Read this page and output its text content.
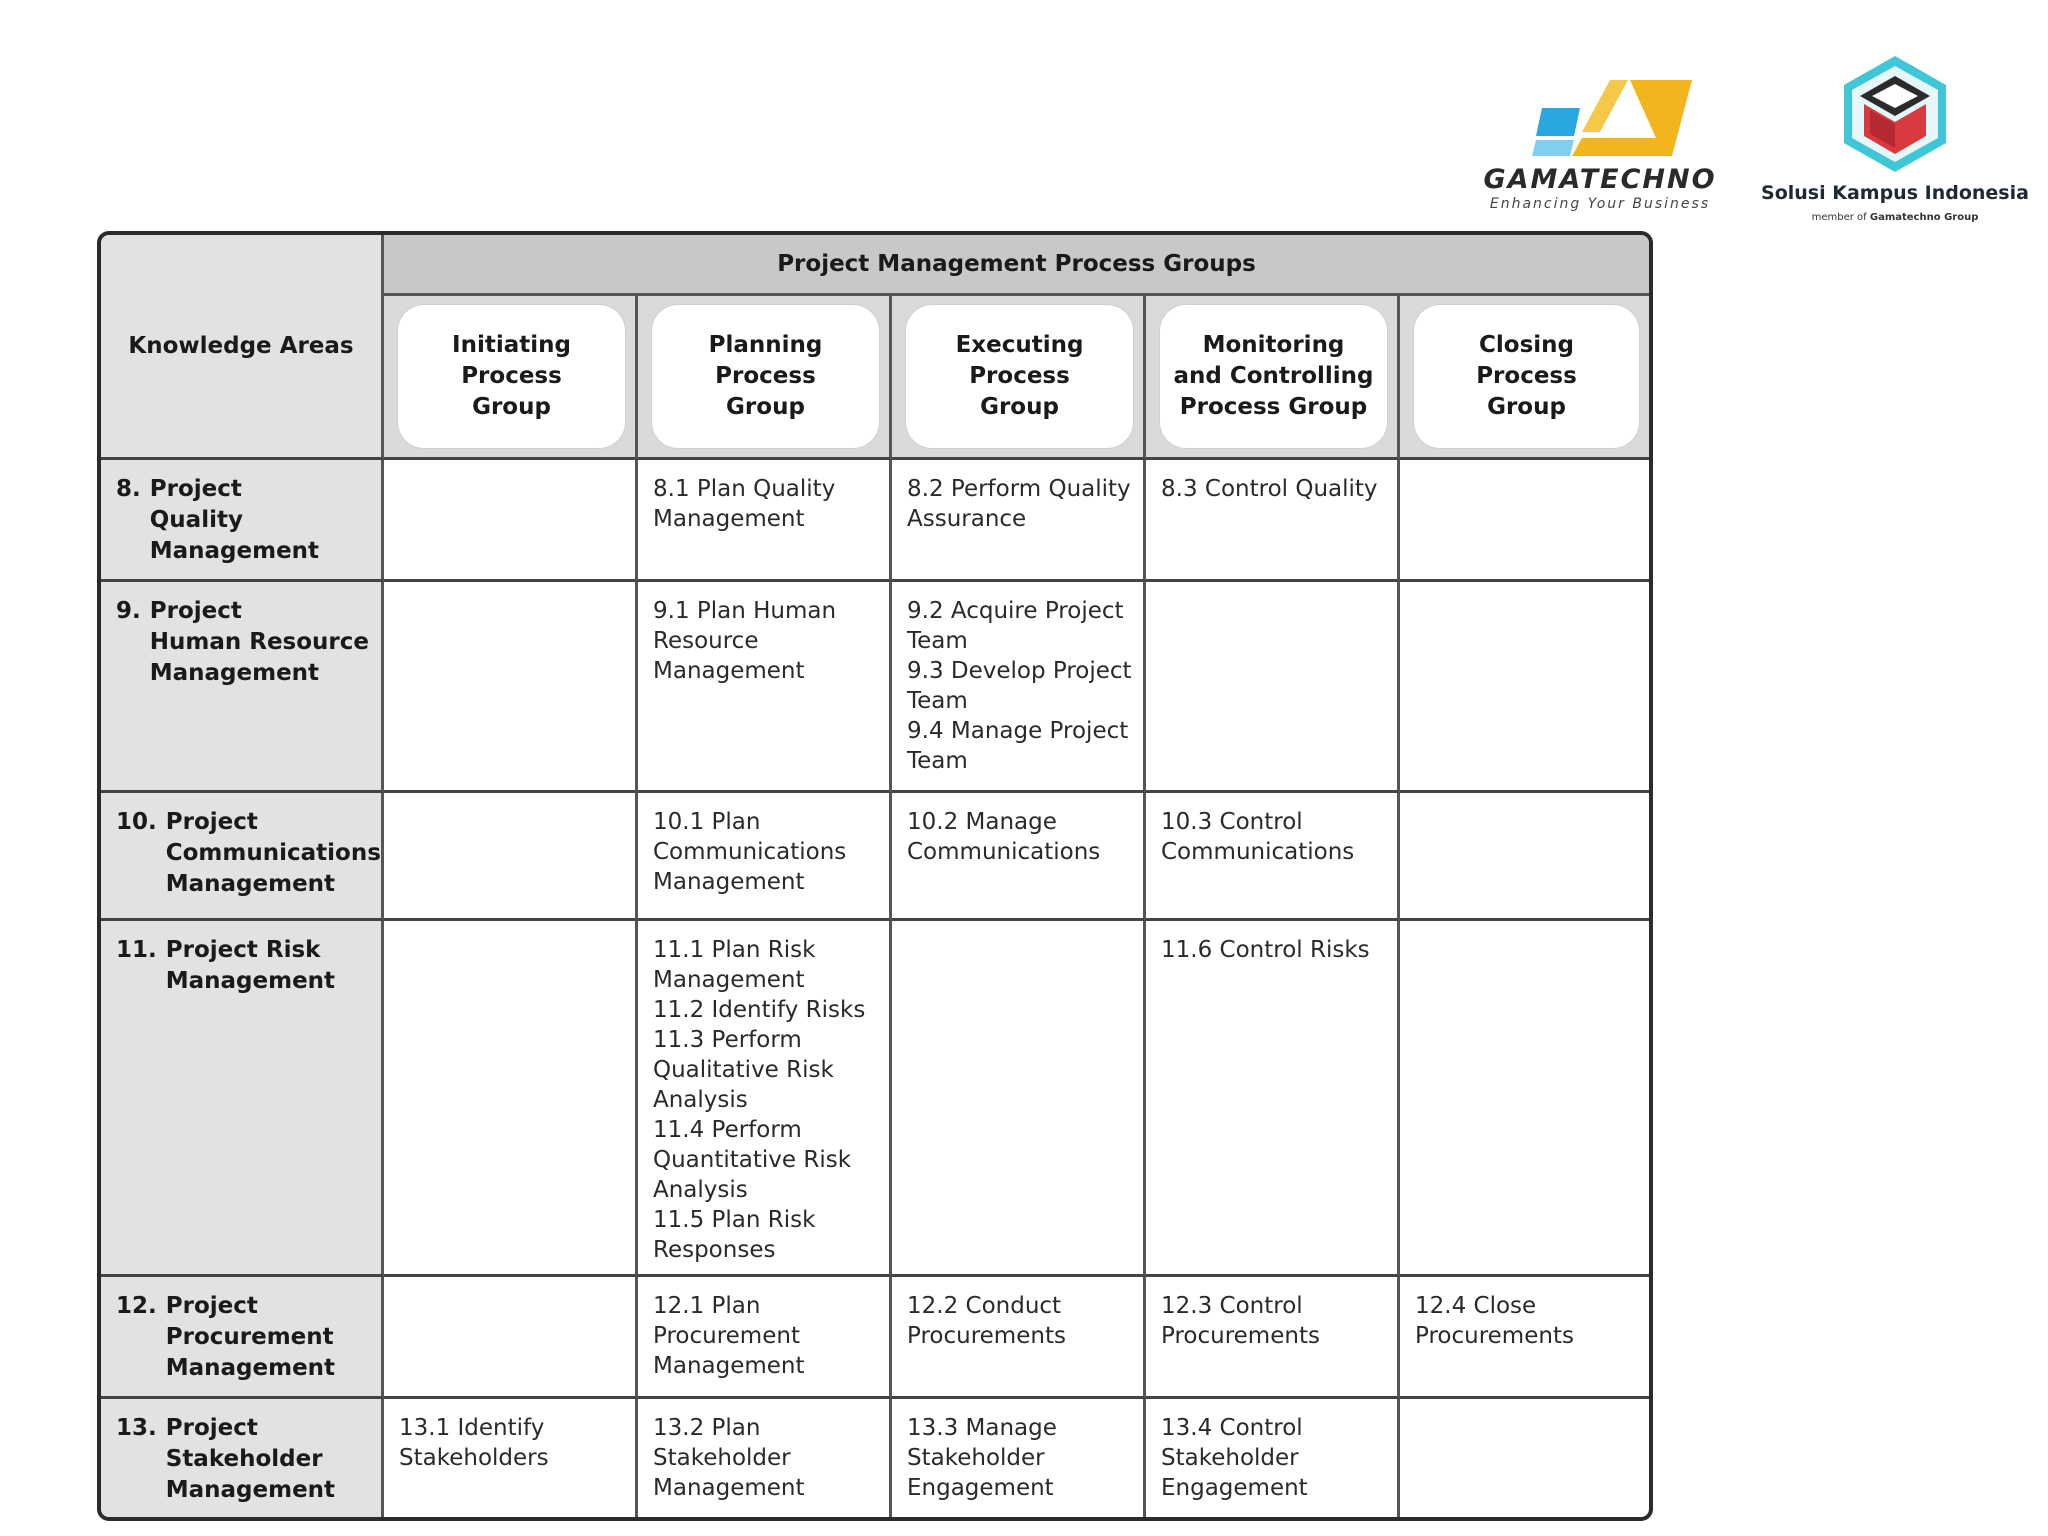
GAMATECHNO
Enhancing Your Business	Solusi Kampus Indonesia
member of Gamatechno Group
Knowledge Areas
Project Management Process Groups
Initiating
Process
Group
Planning
Process
Group
Executing
Process
Group
Monitoring
and Controlling
Process Group
Closing
Process
Group
8. Project
Quality
Management
8.1 Plan Quality
Management
8.2 Perform Quality
Assurance
8.3 Control Quality
9. Project
Human Resource
Management
9.1 Plan Human
Resource
Management
9.2 Acquire Project
Team
9.3 Develop Project
Team
9.4 Manage Project
Team
10. Project
Communications
Management
10.1 Plan
Communications
Management
10.2 Manage
Communications
10.3 Control
Communications
11. Project Risk
Management
11.1 Plan Risk
Management
11.2 Identify Risks
11.3 Perform
Qualitative Risk
Analysis
11.4 Perform
Quantitative Risk
Analysis
11.5 Plan Risk
Responses
11.6 Control Risks
12. Project
Procurement
Management
12.1 Plan
Procurement
Management
12.2 Conduct
Procurements
12.3 Control
Procurements
12.4 Close
Procurements
13. Project
Stakeholder
Management
13.1 Identify
Stakeholders
13.2 Plan
Stakeholder
Management
13.3 Manage
Stakeholder
Engagement
13.4 Control
Stakeholder
Engagement
